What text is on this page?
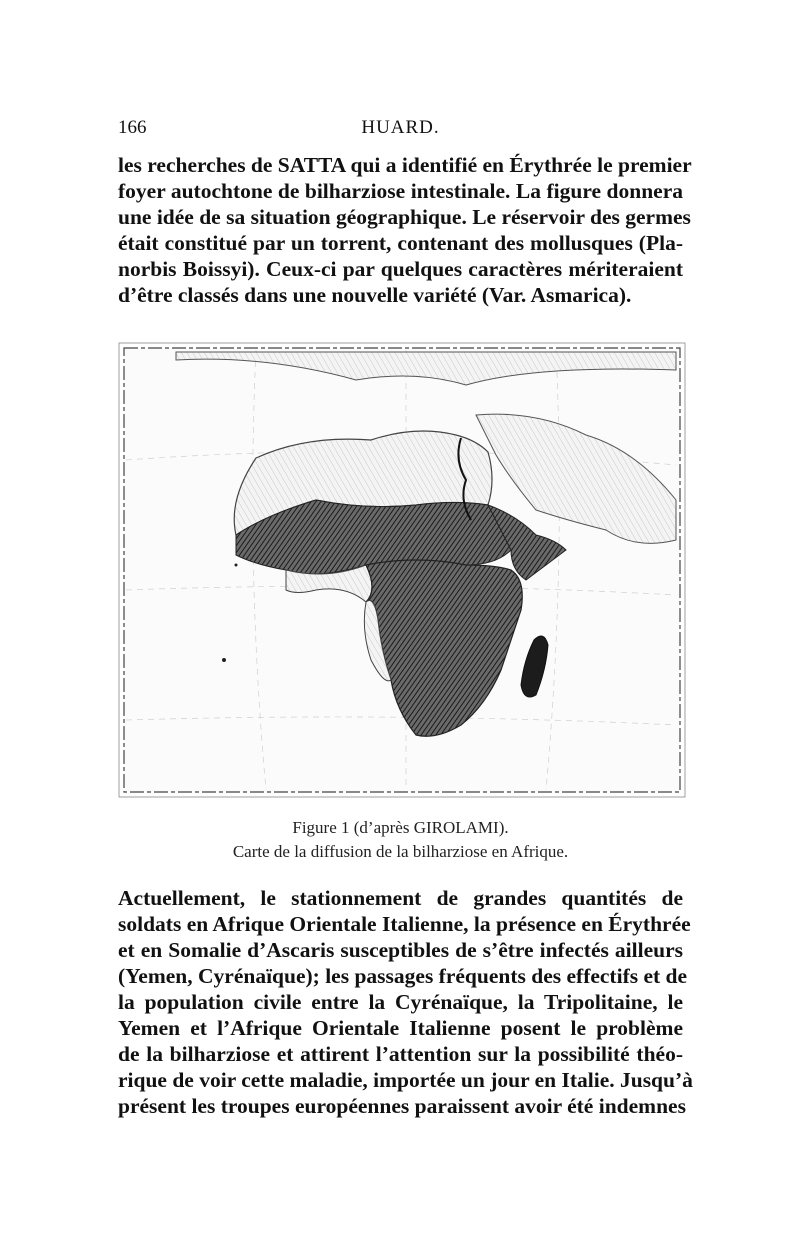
166	HUARD.

les recherches de SATTA qui a identifié en Érythrée le premier
foyer autochtone de bilharziose intestinale. La figure donnera
une idée de sa situation géographique. Le réservoir des germes
était constitué par un torrent, contenant des mollusques (Pla-
norbis Boissyi). Ceux-ci par quelques caractères mériteraient
d’être classés dans une nouvelle variété (Var. Asmarica).

Figure 1 (d’après GIROLAMI).
Carte de la diffusion de la bilharziose en Afrique.

Actuellement, le stationnement de grandes quantités de
soldats en Afrique Orientale Italienne, la présence en Érythrée
et en Somalie d’Ascaris susceptibles de s’être infectés ailleurs
(Yemen, Cyrénaïque); les passages fréquents des effectifs et de
la population civile entre la Cyrénaïque, la Tripolitaine, le
Yemen et l’Afrique Orientale Italienne posent le problème
de la bilharziose et attirent l’attention sur la possibilité théo-
rique de voir cette maladie, importée un jour en Italie. Jusqu’à
présent les troupes européennes paraissent avoir été indemnes
